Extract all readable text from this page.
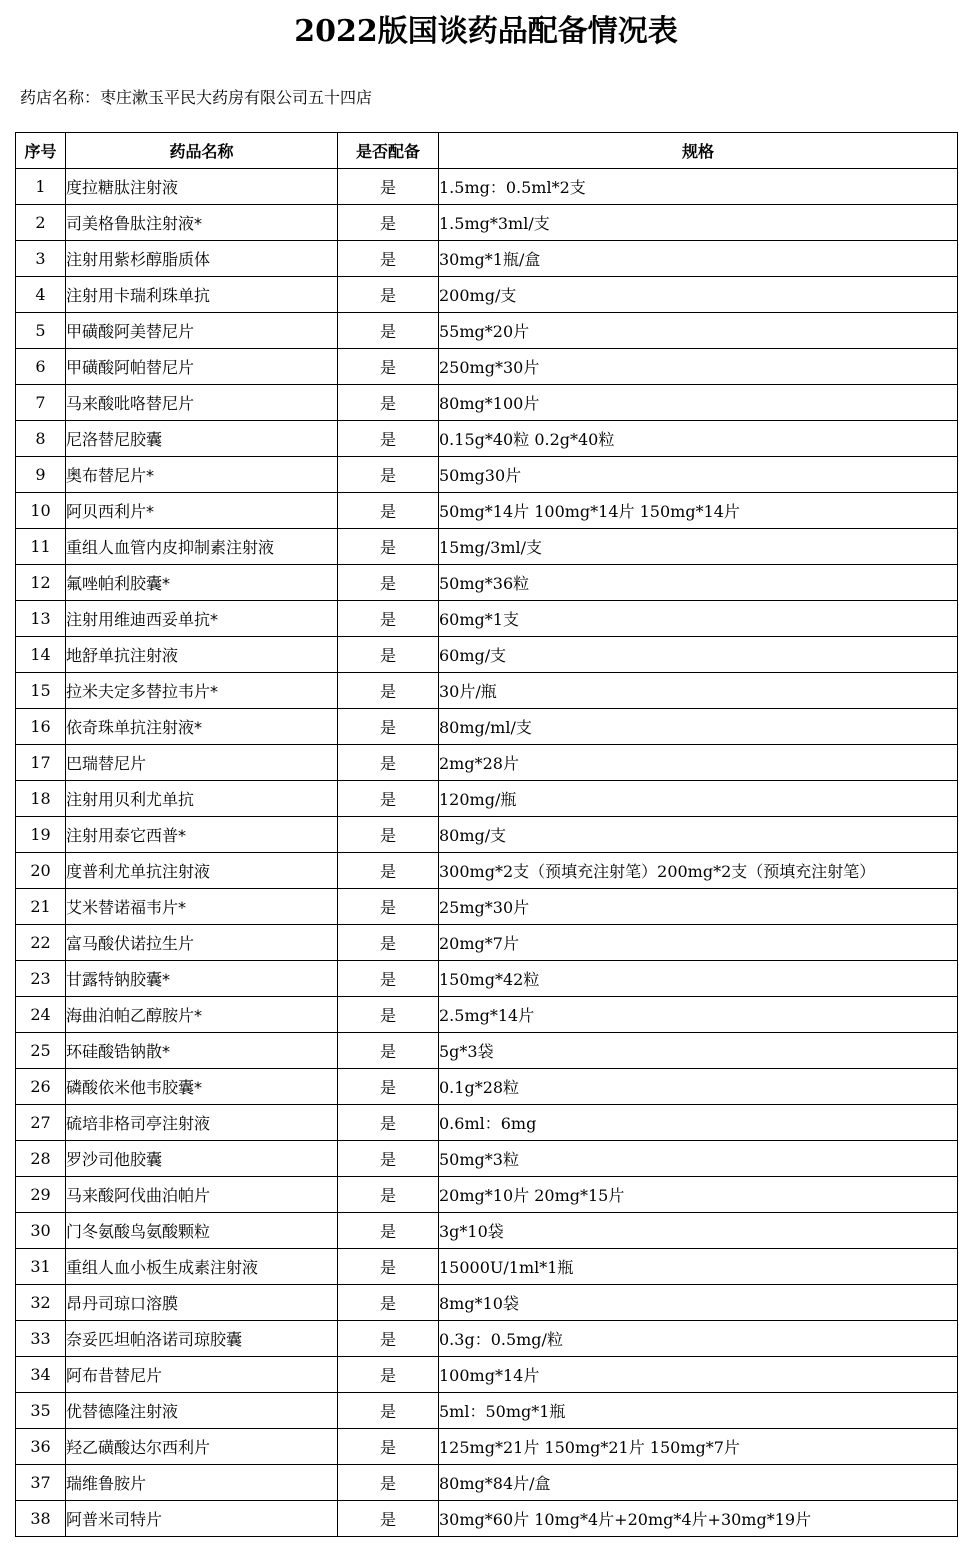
2022版国谈药品配备情况表
药店名称：枣庄漱玉平民大药房有限公司五十四店
序号	药品名称	是否配备	规格
1	度拉糖肽注射液	是	1.5mg：0.5ml*2支
2	司美格鲁肽注射液*	是	1.5mg*3ml/支
3	注射用紫杉醇脂质体	是	30mg*1瓶/盒
4	注射用卡瑞利珠单抗	是	200mg/支
5	甲磺酸阿美替尼片	是	55mg*20片
6	甲磺酸阿帕替尼片	是	250mg*30片
7	马来酸吡咯替尼片	是	80mg*100片
8	尼洛替尼胶囊	是	0.15g*40粒 0.2g*40粒
9	奥布替尼片*	是	50mg30片
10	阿贝西利片*	是	50mg*14片 100mg*14片 150mg*14片
11	重组人血管内皮抑制素注射液	是	15mg/3ml/支
12	氟唑帕利胶囊*	是	50mg*36粒
13	注射用维迪西妥单抗*	是	60mg*1支
14	地舒单抗注射液	是	60mg/支
15	拉米夫定多替拉韦片*	是	30片/瓶
16	依奇珠单抗注射液*	是	80mg/ml/支
17	巴瑞替尼片	是	2mg*28片
18	注射用贝利尤单抗	是	120mg/瓶
19	注射用泰它西普*	是	80mg/支
20	度普利尤单抗注射液	是	300mg*2支（预填充注射笔）200mg*2支（预填充注射笔）
21	艾米替诺福韦片*	是	25mg*30片
22	富马酸伏诺拉生片	是	20mg*7片
23	甘露特钠胶囊*	是	150mg*42粒
24	海曲泊帕乙醇胺片*	是	2.5mg*14片
25	环硅酸锆钠散*	是	5g*3袋
26	磷酸依米他韦胶囊*	是	0.1g*28粒
27	硫培非格司亭注射液	是	0.6ml：6mg
28	罗沙司他胶囊	是	50mg*3粒
29	马来酸阿伐曲泊帕片	是	20mg*10片 20mg*15片
30	门冬氨酸鸟氨酸颗粒	是	3g*10袋
31	重组人血小板生成素注射液	是	15000U/1ml*1瓶
32	昂丹司琼口溶膜	是	8mg*10袋
33	奈妥匹坦帕洛诺司琼胶囊	是	0.3g：0.5mg/粒
34	阿布昔替尼片	是	100mg*14片
35	优替德隆注射液	是	5ml：50mg*1瓶
36	羟乙磺酸达尔西利片	是	125mg*21片 150mg*21片 150mg*7片
37	瑞维鲁胺片	是	80mg*84片/盒
38	阿普米司特片	是	30mg*60片 10mg*4片+20mg*4片+30mg*19片
